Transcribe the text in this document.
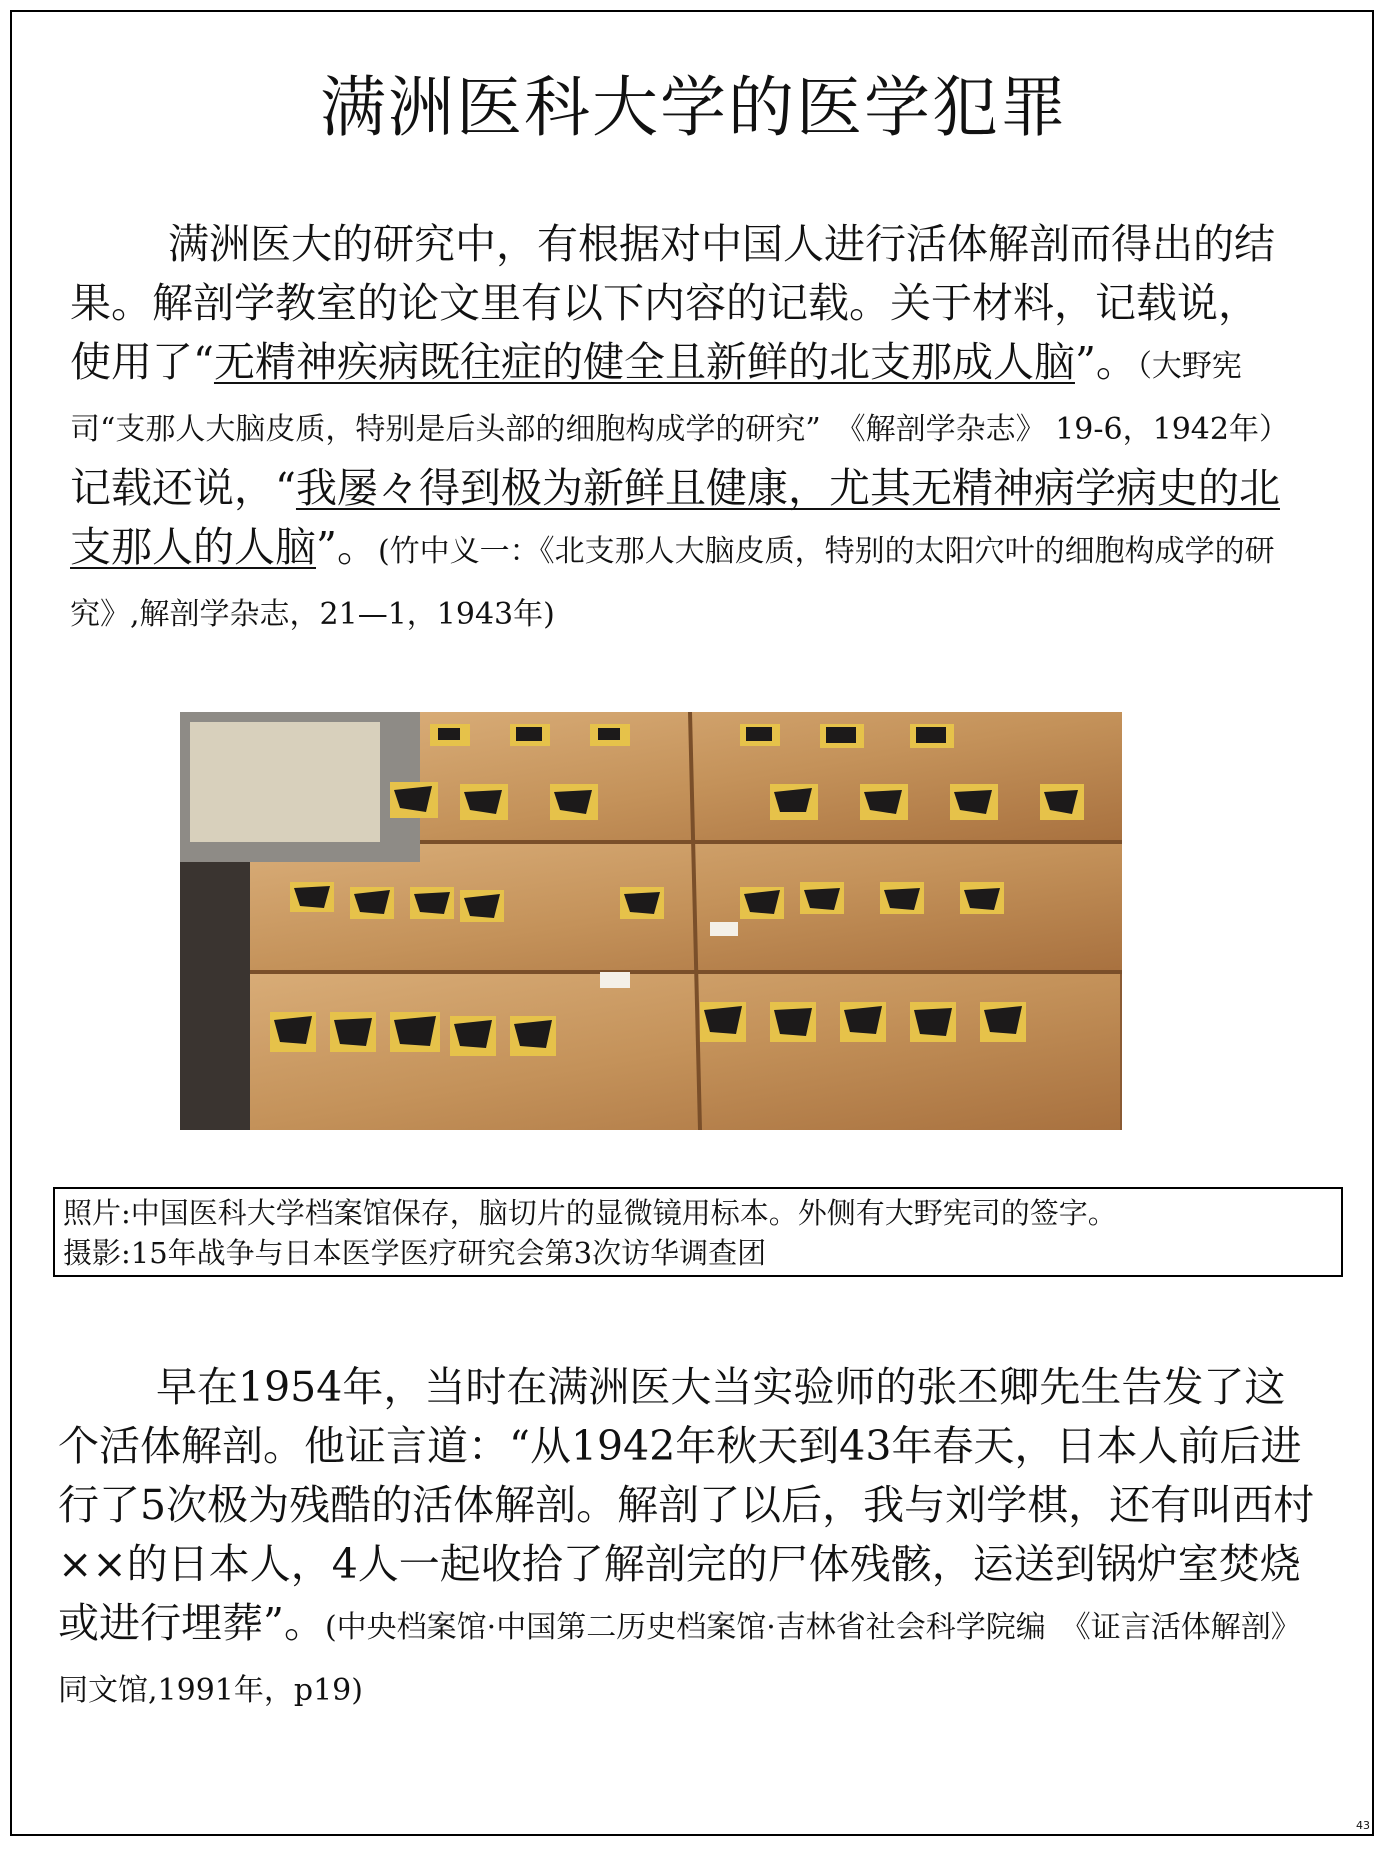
满洲医科大学的医学犯罪
满洲医大的研究中，有根据对中国人进行活体解剖而得出的结果。解剖学教室的论文里有以下内容的记载。关于材料，记载说，使用了“无精神疾病既往症的健全且新鲜的北支那成人脑”。（大野宪司“支那人大脑皮质，特别是后头部的细胞构成学的研究”　《解剖学杂志》 19-6，1942年）记载还说，“我屡々得到极为新鲜且健康，尤其无精神病学病史的北支那人的人脑”。(竹中义一：《北支那人大脑皮质，特别的太阳穴叶的细胞构成学的研究》,解剖学杂志，21—1，1943年)
照片:中国医科大学档案馆保存，脑切片的显微镜用标本。外侧有大野宪司的签字。
摄影:15年战争与日本医学医疗研究会第3次访华调查团
早在1954年，当时在满洲医大当实验师的张丕卿先生告发了这个活体解剖。他证言道：“从1942年秋天到43年春天，日本人前后进行了5次极为残酷的活体解剖。解剖了以后，我与刘学棋，还有叫西村××的日本人，4人一起收拾了解剖完的尸体残骸，运送到锅炉室焚烧或进行埋葬”。(中央档案馆·中国第二历史档案馆·吉林省社会科学院编　《证言活体解剖》同文馆,1991年，p19)
43
